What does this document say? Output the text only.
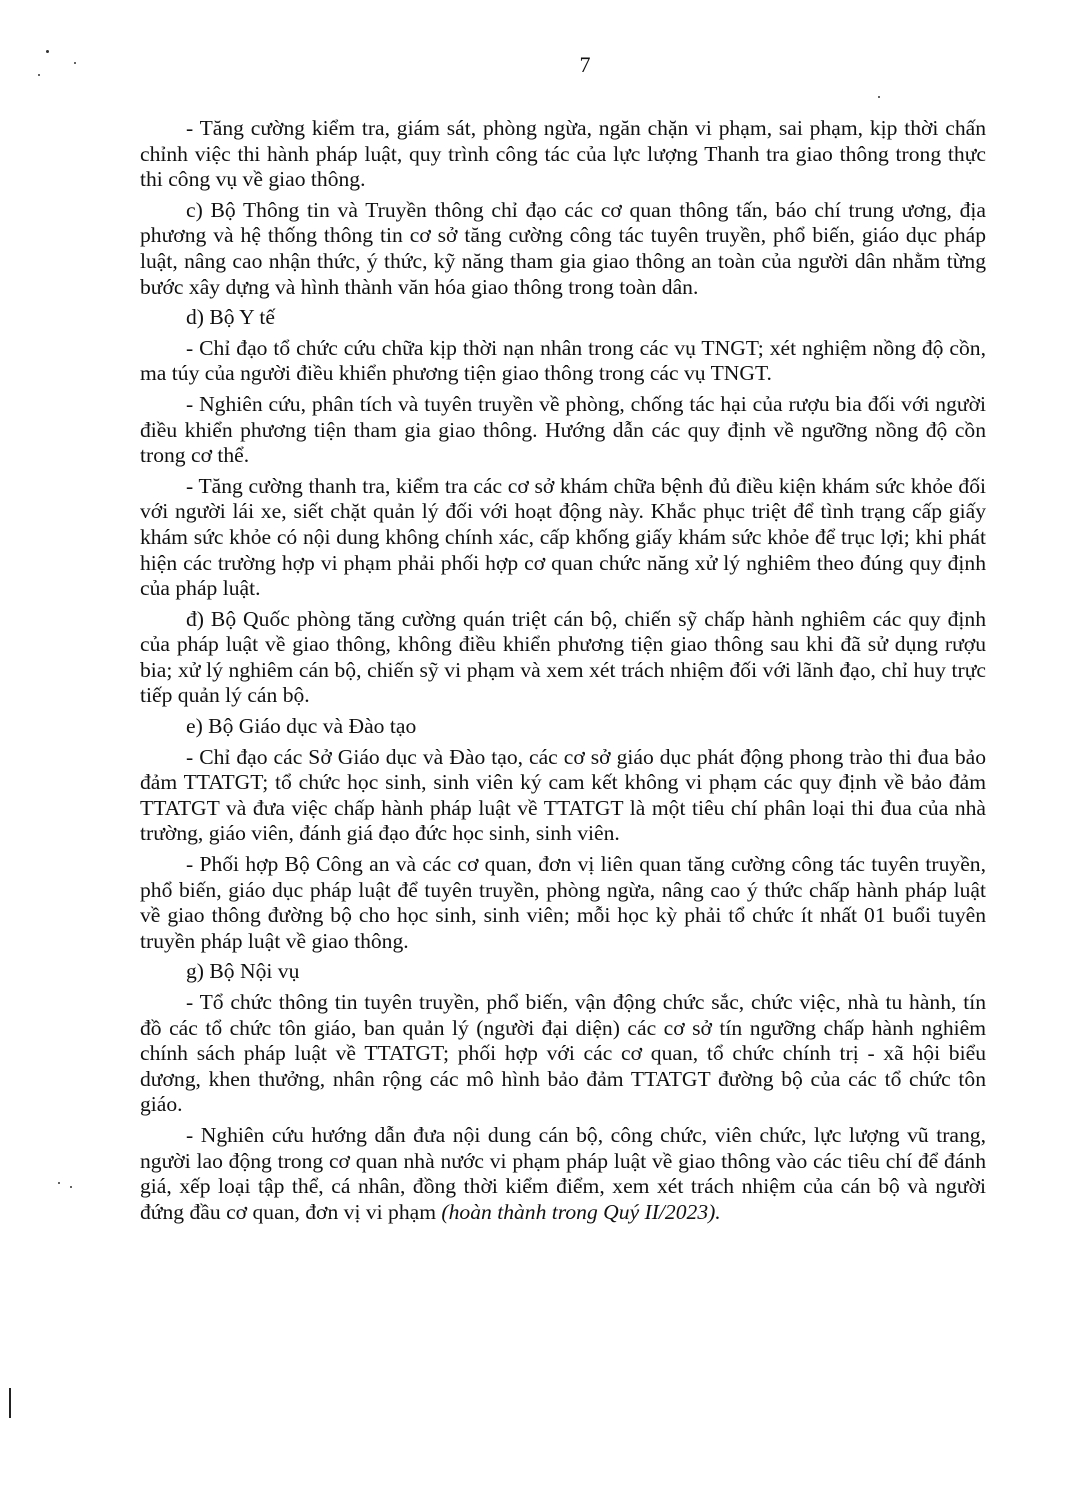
7

- Tăng cường kiểm tra, giám sát, phòng ngừa, ngăn chặn vi phạm, sai phạm, kịp thời chấn chỉnh việc thi hành pháp luật, quy trình công tác của lực lượng Thanh tra giao thông trong thực thi công vụ về giao thông.

c) Bộ Thông tin và Truyền thông chỉ đạo các cơ quan thông tấn, báo chí trung ương, địa phương và hệ thống thông tin cơ sở tăng cường công tác tuyên truyền, phổ biến, giáo dục pháp luật, nâng cao nhận thức, ý thức, kỹ năng tham gia giao thông an toàn của người dân nhằm từng bước xây dựng và hình thành văn hóa giao thông trong toàn dân.

d) Bộ Y tế

- Chỉ đạo tổ chức cứu chữa kịp thời nạn nhân trong các vụ TNGT; xét nghiệm nồng độ cồn, ma túy của người điều khiển phương tiện giao thông trong các vụ TNGT.

- Nghiên cứu, phân tích và tuyên truyền về phòng, chống tác hại của rượu bia đối với người điều khiển phương tiện tham gia giao thông. Hướng dẫn các quy định về ngưỡng nồng độ cồn trong cơ thể.

- Tăng cường thanh tra, kiểm tra các cơ sở khám chữa bệnh đủ điều kiện khám sức khỏe đối với người lái xe, siết chặt quản lý đối với hoạt động này. Khắc phục triệt để tình trạng cấp giấy khám sức khỏe có nội dung không chính xác, cấp khống giấy khám sức khỏe để trục lợi; khi phát hiện các trường hợp vi phạm phải phối hợp cơ quan chức năng xử lý nghiêm theo đúng quy định của pháp luật.

đ) Bộ Quốc phòng tăng cường quán triệt cán bộ, chiến sỹ chấp hành nghiêm các quy định của pháp luật về giao thông, không điều khiển phương tiện giao thông sau khi đã sử dụng rượu bia; xử lý nghiêm cán bộ, chiến sỹ vi phạm và xem xét trách nhiệm đối với lãnh đạo, chỉ huy trực tiếp quản lý cán bộ.

e) Bộ Giáo dục và Đào tạo

- Chỉ đạo các Sở Giáo dục và Đào tạo, các cơ sở giáo dục phát động phong trào thi đua bảo đảm TTATGT; tổ chức học sinh, sinh viên ký cam kết không vi phạm các quy định về bảo đảm TTATGT và đưa việc chấp hành pháp luật về TTATGT là một tiêu chí phân loại thi đua của nhà trường, giáo viên, đánh giá đạo đức học sinh, sinh viên.

- Phối hợp Bộ Công an và các cơ quan, đơn vị liên quan tăng cường công tác tuyên truyền, phổ biến, giáo dục pháp luật để tuyên truyền, phòng ngừa, nâng cao ý thức chấp hành pháp luật về giao thông đường bộ cho học sinh, sinh viên; mỗi học kỳ phải tổ chức ít nhất 01 buổi tuyên truyền pháp luật về giao thông.

g) Bộ Nội vụ

- Tổ chức thông tin tuyên truyền, phổ biến, vận động chức sắc, chức việc, nhà tu hành, tín đồ các tổ chức tôn giáo, ban quản lý (người đại diện) các cơ sở tín ngưỡng chấp hành nghiêm chính sách pháp luật về TTATGT; phối hợp với các cơ quan, tổ chức chính trị - xã hội biểu dương, khen thưởng, nhân rộng các mô hình bảo đảm TTATGT đường bộ của các tổ chức tôn giáo.

- Nghiên cứu hướng dẫn đưa nội dung cán bộ, công chức, viên chức, lực lượng vũ trang, người lao động trong cơ quan nhà nước vi phạm pháp luật về giao thông vào các tiêu chí để đánh giá, xếp loại tập thể, cá nhân, đồng thời kiểm điểm, xem xét trách nhiệm của cán bộ và người đứng đầu cơ quan, đơn vị vi phạm (hoàn thành trong Quý II/2023).
